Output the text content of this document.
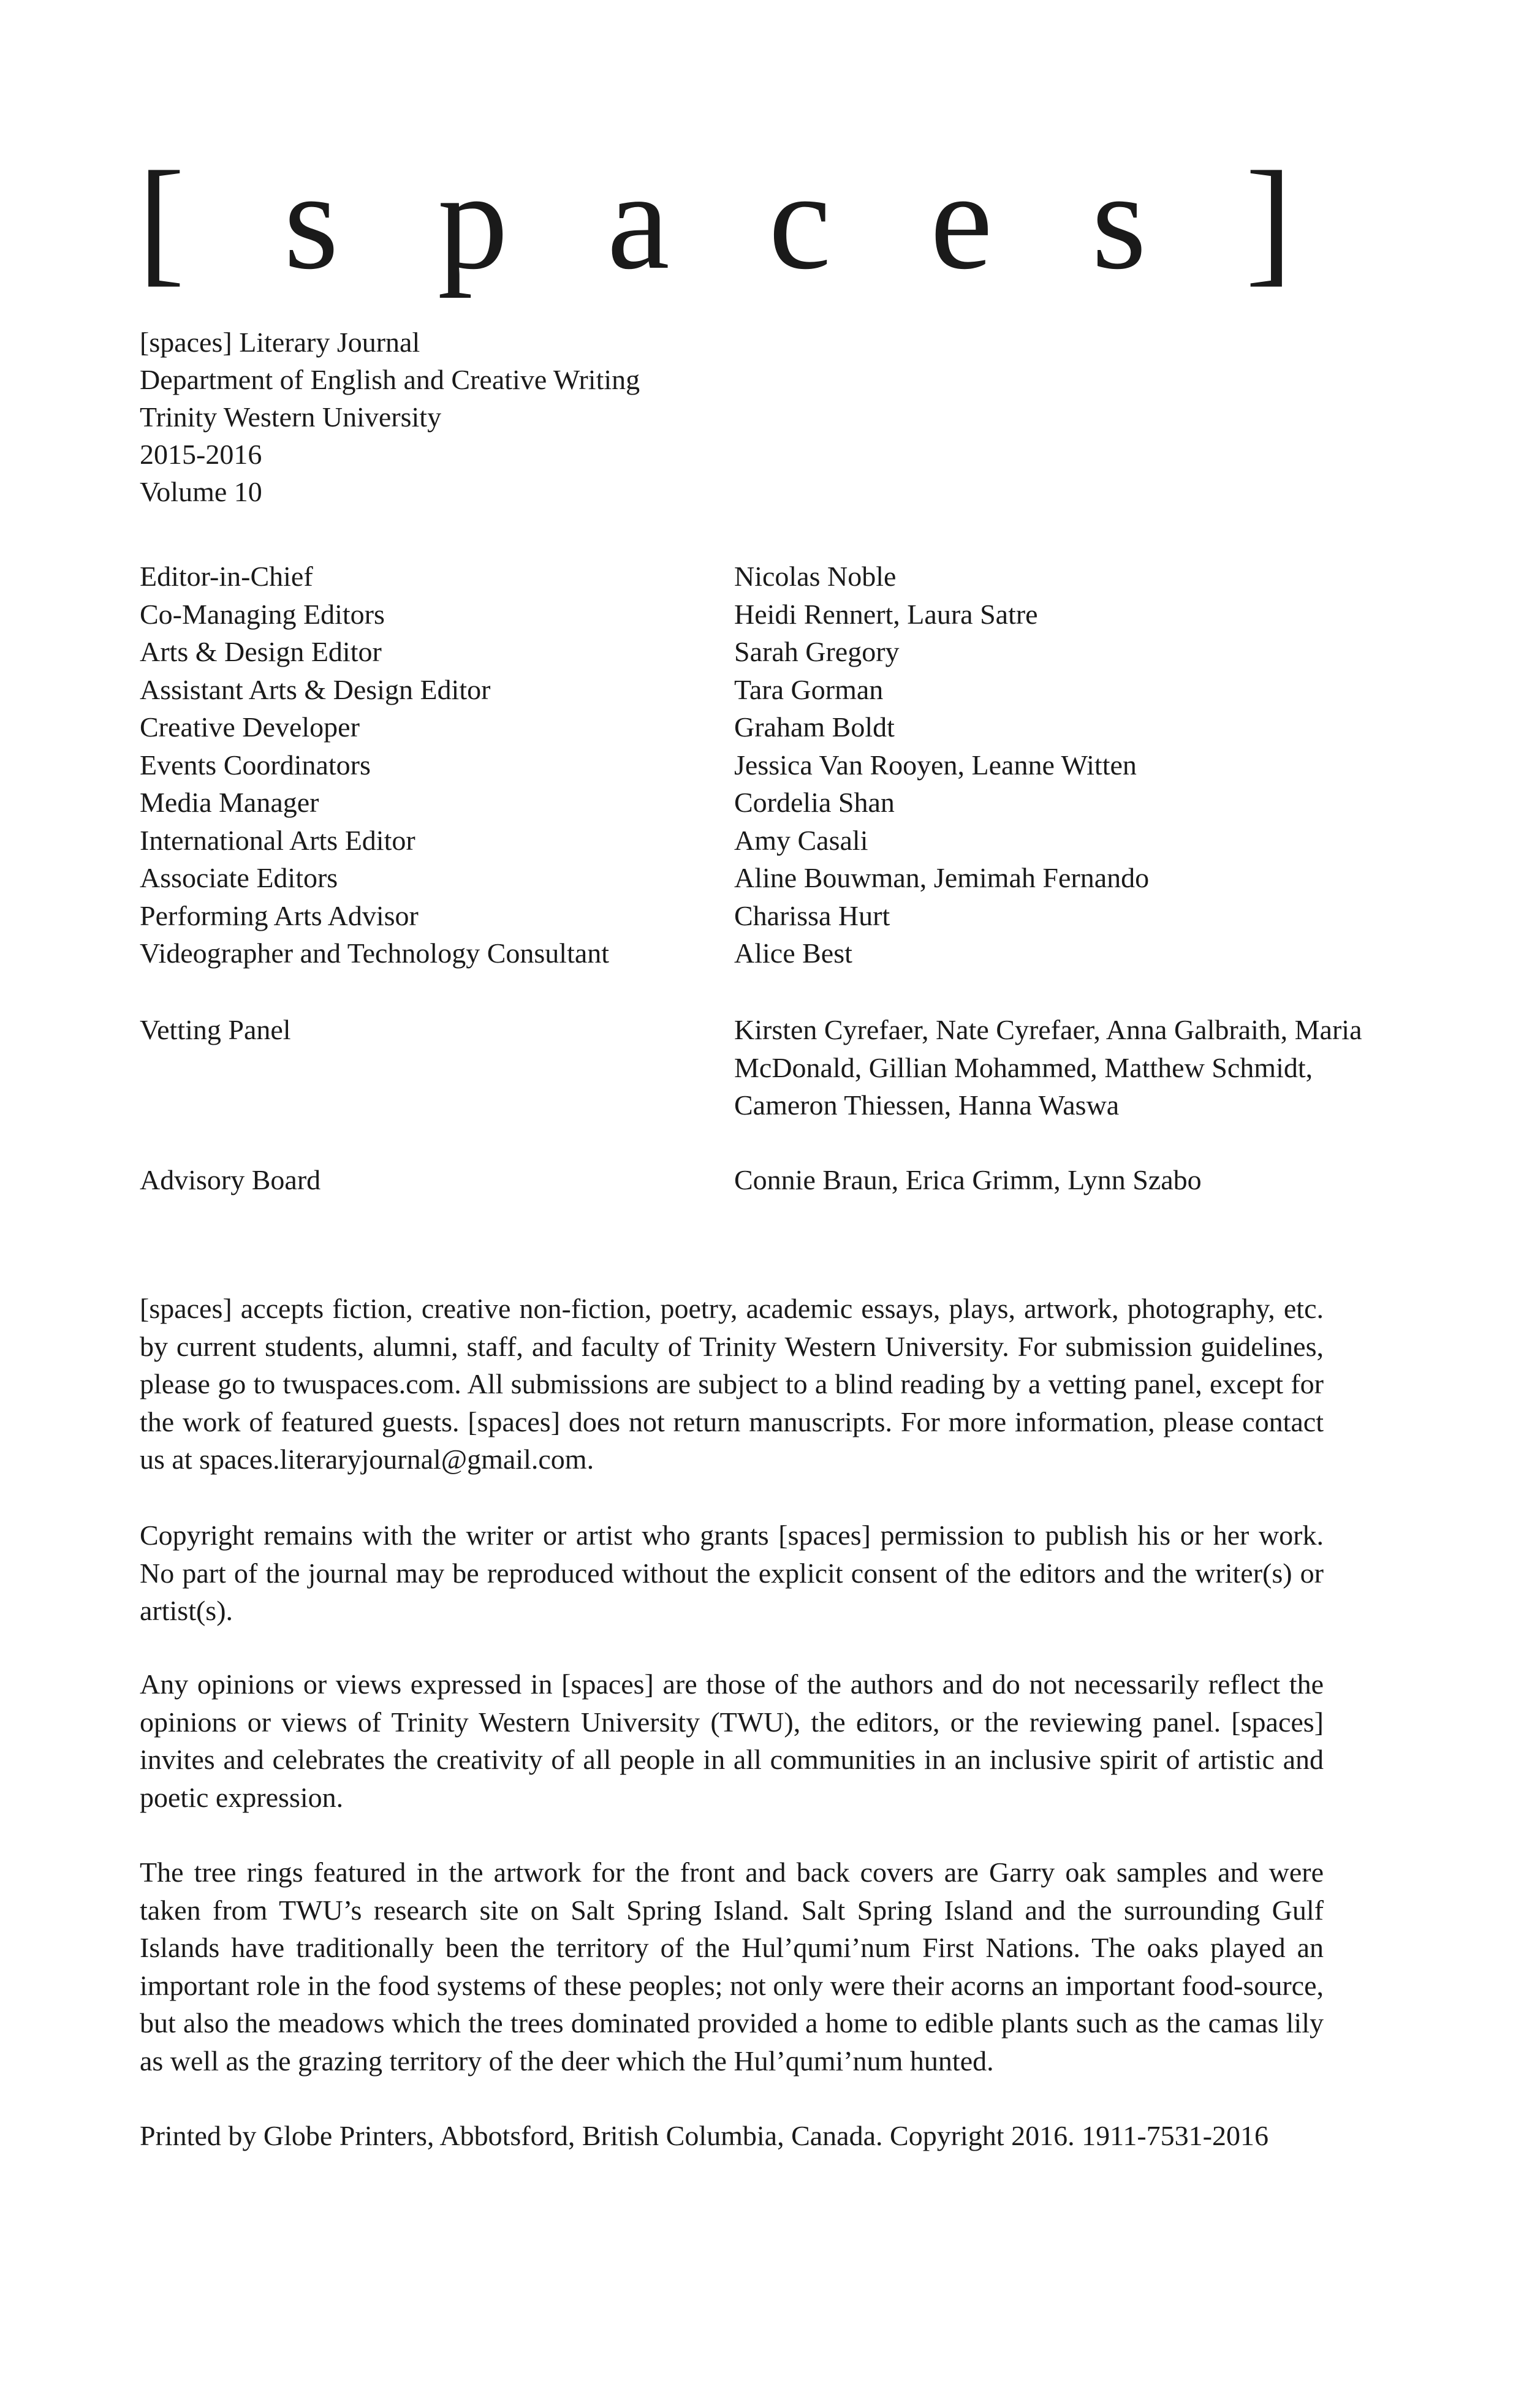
[ s p a c e s ]
[spaces] Literary Journal
Department of English and Creative Writing
Trinity Western University
2015-2016
Volume 10
Editor-in-Chief	Nicolas Noble
Co-Managing Editors	Heidi Rennert, Laura Satre
Arts & Design Editor	Sarah Gregory
Assistant Arts & Design Editor	Tara Gorman
Creative Developer	Graham Boldt
Events Coordinators	Jessica Van Rooyen, Leanne Witten
Media Manager	Cordelia Shan
International Arts Editor	Amy Casali
Associate Editors	Aline Bouwman, Jemimah Fernando
Performing Arts Advisor	Charissa Hurt
Videographer and Technology Consultant	Alice Best
Vetting Panel	Kirsten Cyrefaer, Nate Cyrefaer, Anna Galbraith, Maria McDonald, Gillian Mohammed, Matthew Schmidt, Cameron Thiessen, Hanna Waswa
Advisory Board	Connie Braun, Erica Grimm, Lynn Szabo
[spaces] accepts fiction, creative non-fiction, poetry, academic essays, plays, artwork, photography, etc. by current students, alumni, staff, and faculty of Trinity Western University. For submission guidelines, please go to twuspaces.com. All submissions are subject to a blind reading by a vetting panel, except for the work of featured guests. [spaces] does not return manuscripts. For more information, please contact us at spaces.literaryjournal@gmail.com.
Copyright remains with the writer or artist who grants [spaces] permission to publish his or her work. No part of the journal may be reproduced without the explicit consent of the editors and the writer(s) or artist(s).
Any opinions or views expressed in [spaces] are those of the authors and do not necessarily reflect the opinions or views of Trinity Western University (TWU), the editors, or the reviewing panel. [spaces] invites and celebrates the creativity of all people in all communities in an inclusive spirit of artistic and poetic expression.
The tree rings featured in the artwork for the front and back covers are Garry oak samples and were taken from TWU’s research site on Salt Spring Island. Salt Spring Island and the surrounding Gulf Islands have traditionally been the territory of the Hul’qumi’num First Nations. The oaks played an important role in the food systems of these peoples; not only were their acorns an important food-source, but also the meadows which the trees dominated provided a home to edible plants such as the camas lily as well as the grazing territory of the deer which the Hul’qumi’num hunted.
Printed by Globe Printers, Abbotsford, British Columbia, Canada. Copyright 2016. 1911-7531-2016
